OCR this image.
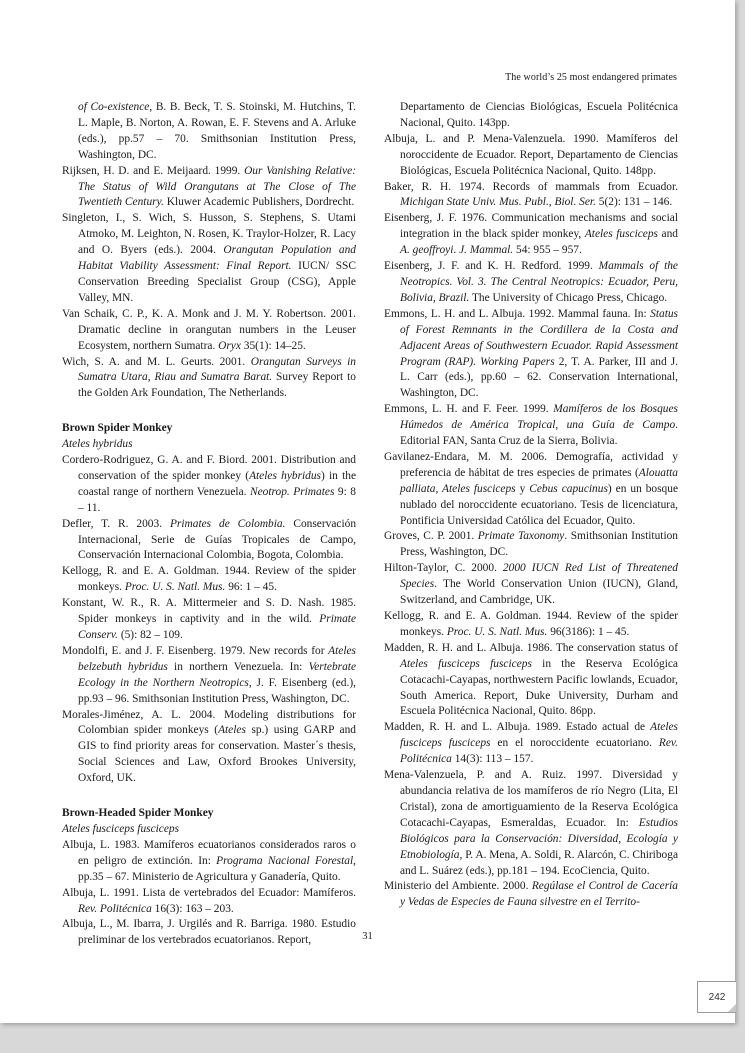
The world’s 25 most endangered primates

of Co-existence, B. B. Beck, T. S. Stoinski, M. Hutchins, T. L. Maple, B. Norton, A. Rowan, E. F. Stevens and A. Arluke (eds.), pp.57 – 70. Smithsonian Institution Press, Washington, DC.

Rijksen, H. D. and E. Meijaard. 1999. Our Vanishing Relative: The Status of Wild Orangutans at The Close of The Twentieth Century. Kluwer Academic Publishers, Dordrecht.

Singleton, I., S. Wich, S. Husson, S. Stephens, S. Utami Atmoko, M. Leighton, N. Rosen, K. Traylor-Holzer, R. Lacy and O. Byers (eds.). 2004. Orangutan Population and Habitat Viability Assessment: Final Report. IUCN/ SSC Conservation Breeding Specialist Group (CSG), Apple Valley, MN.

Van Schaik, C. P., K. A. Monk and J. M. Y. Robertson. 2001. Dramatic decline in orangutan numbers in the Leuser Ecosystem, northern Sumatra. Oryx 35(1): 14–25.

Wich, S. A. and M. L. Geurts. 2001. Orangutan Surveys in Sumatra Utara, Riau and Sumatra Barat. Survey Report to the Golden Ark Foundation, The Netherlands.

Brown Spider Monkey

Ateles hybridus

Cordero-Rodriguez, G. A. and F. Biord. 2001. Distribution and conservation of the spider monkey (Ateles hybridus) in the coastal range of northern Venezuela. Neotrop. Primates 9: 8 – 11.

Defler, T. R. 2003. Primates de Colombia. Conservación Internacional, Serie de Guías Tropicales de Campo, Conservación Internacional Colombia, Bogota, Colombia.

Kellogg, R. and E. A. Goldman. 1944. Review of the spider monkeys. Proc. U. S. Natl. Mus. 96: 1 – 45.

Konstant, W. R., R. A. Mittermeier and S. D. Nash. 1985. Spider monkeys in captivity and in the wild. Primate Conserv. (5): 82 – 109.

Mondolfi, E. and J. F. Eisenberg. 1979. New records for Ateles belzebuth hybridus in northern Venezuela. In: Vertebrate Ecology in the Northern Neotropics, J. F. Eisenberg (ed.), pp.93 – 96. Smithsonian Institution Press, Washington, DC.

Morales-Jiménez, A. L. 2004. Modeling distributions for Colombian spider monkeys (Ateles sp.) using GARP and GIS to find priority areas for conservation. Master´s thesis, Social Sciences and Law, Oxford Brookes University, Oxford, UK.

Brown-Headed Spider Monkey

Ateles fusciceps fusciceps

Albuja, L. 1983. Mamíferos ecuatorianos considerados raros o en peligro de extinción. In: Programa Nacional Forestal, pp.35 – 67. Ministerio de Agricultura y Ganadería, Quito.

Albuja, L. 1991. Lista de vertebrados del Ecuador: Mamíferos. Rev. Politécnica 16(3): 163 – 203.

Albuja, L., M. Ibarra, J. Urgilés and R. Barriga. 1980. Estudio preliminar de los vertebrados ecuatorianos. Report,

Departamento de Ciencias Biológicas, Escuela Politécnica Nacional, Quito. 143pp.

Albuja, L. and P. Mena-Valenzuela. 1990. Mamíferos del noroccidente de Ecuador. Report, Departamento de Ciencias Biológicas, Escuela Politécnica Nacional, Quito. 148pp.

Baker, R. H. 1974. Records of mammals from Ecuador. Michigan State Univ. Mus. Publ., Biol. Ser. 5(2): 131 – 146.

Eisenberg, J. F. 1976. Communication mechanisms and social integration in the black spider monkey, Ateles fusciceps and A. geoffroyi. J. Mammal. 54: 955 – 957.

Eisenberg, J. F. and K. H. Redford. 1999. Mammals of the Neotropics. Vol. 3. The Central Neotropics: Ecuador, Peru, Bolivia, Brazil. The University of Chicago Press, Chicago.

Emmons, L. H. and L. Albuja. 1992. Mammal fauna. In: Status of Forest Remnants in the Cordillera de la Costa and Adjacent Areas of Southwestern Ecuador. Rapid Assessment Program (RAP). Working Papers 2, T. A. Parker, III and J. L. Carr (eds.), pp.60 – 62. Conservation International, Washington, DC.

Emmons, L. H. and F. Feer. 1999. Mamíferos de los Bosques Húmedos de América Tropical, una Guía de Campo. Editorial FAN, Santa Cruz de la Sierra, Bolivia.

Gavilanez-Endara, M. M. 2006. Demografía, actividad y preferencia de hábitat de tres especies de primates (Alouatta palliata, Ateles fusciceps y Cebus capucinus) en un bosque nublado del noroccidente ecuatoriano. Tesis de licenciatura, Pontificia Universidad Católica del Ecuador, Quito.

Groves, C. P. 2001. Primate Taxonomy. Smithsonian Institution Press, Washington, DC.

Hilton-Taylor, C. 2000. 2000 IUCN Red List of Threatened Species. The World Conservation Union (IUCN), Gland, Switzerland, and Cambridge, UK.

Kellogg, R. and E. A. Goldman. 1944. Review of the spider monkeys. Proc. U. S. Natl. Mus. 96(3186): 1 – 45.

Madden, R. H. and L. Albuja. 1986. The conservation status of Ateles fusciceps fusciceps in the Reserva Ecológica Cotacachi-Cayapas, northwestern Pacific lowlands, Ecuador, South America. Report, Duke University, Durham and Escuela Politécnica Nacional, Quito. 86pp.

Madden, R. H. and L. Albuja. 1989. Estado actual de Ateles fusciceps fusciceps en el noroccidente ecuatoriano. Rev. Politécnica 14(3): 113 – 157.

Mena-Valenzuela, P. and A. Ruiz. 1997. Diversidad y abundancia relativa de los mamíferos de río Negro (Lita, El Cristal), zona de amortiguamiento de la Reserva Ecológica Cotacachi-Cayapas, Esmeraldas, Ecuador. In: Estudios Biológicos para la Conservación: Diversidad, Ecología y Etnobiología, P. A. Mena, A. Soldi, R. Alarcón, C. Chiriboga and L. Suárez (eds.), pp.181 – 194. EcoCiencia, Quito.

Ministerio del Ambiente. 2000. Regúlase el Control de Cacería y Vedas de Especies de Fauna silvestre en el Territo-

31
242
